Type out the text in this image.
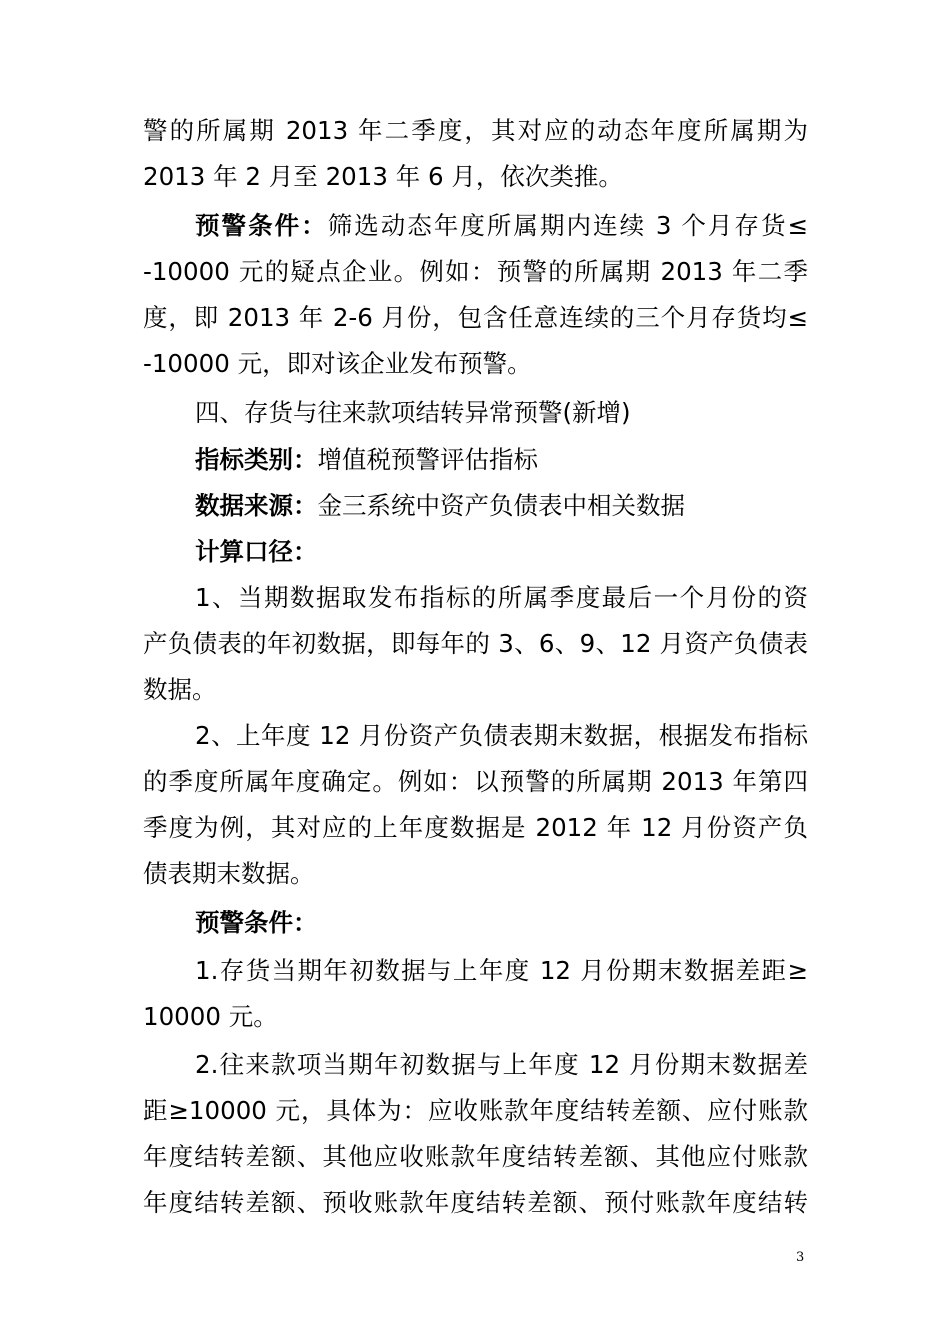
警的所属期 2013 年二季度，其对应的动态年度所属期为
2013 年 2 月至 2013 年 6 月，依次类推。
预警条件：筛选动态年度所属期内连续 3 个月存货≤
-10000 元的疑点企业。例如：预警的所属期 2013 年二季
度，即 2013 年 2-6 月份，包含任意连续的三个月存货均≤
-10000 元，即对该企业发布预警。
四、存货与往来款项结转异常预警(新增)
指标类别：增值税预警评估指标
数据来源：金三系统中资产负债表中相关数据
计算口径：
1、当期数据取发布指标的所属季度最后一个月份的资
产负债表的年初数据，即每年的 3、6、9、12 月资产负债表
数据。
2、上年度 12 月份资产负债表期末数据，根据发布指标
的季度所属年度确定。例如：以预警的所属期 2013 年第四
季度为例，其对应的上年度数据是 2012 年 12 月份资产负
债表期末数据。
预警条件：
1.存货当期年初数据与上年度 12 月份期末数据差距≥
10000 元。
2.往来款项当期年初数据与上年度 12 月份期末数据差
距≥10000 元，具体为：应收账款年度结转差额、应付账款
年度结转差额、其他应收账款年度结转差额、其他应付账款
年度结转差额、预收账款年度结转差额、预付账款年度结转
3
